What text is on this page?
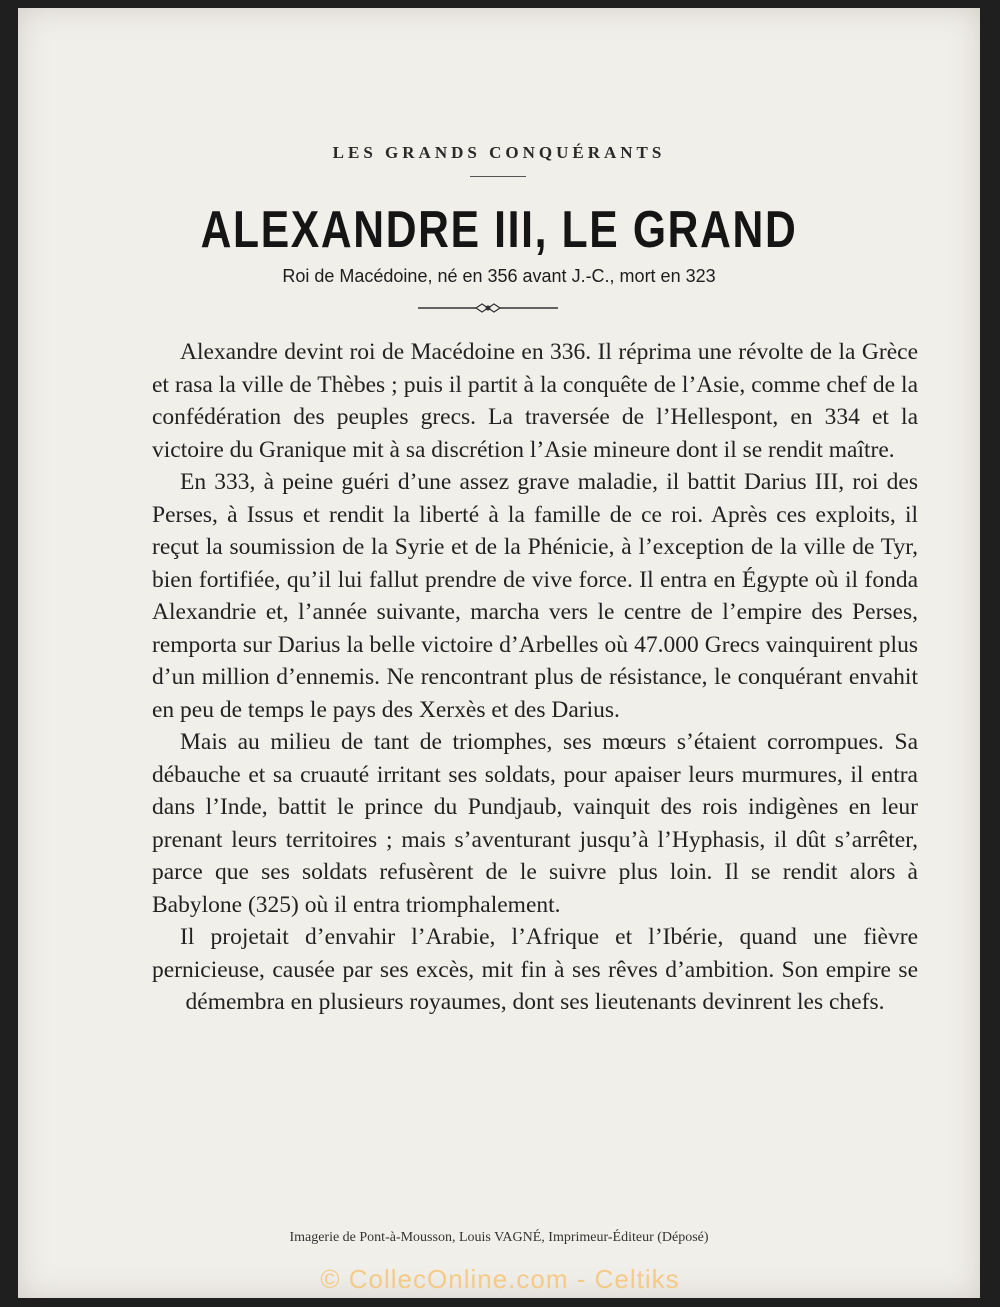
LES GRANDS CONQUÉRANTS
ALEXANDRE III, LE GRAND
Roi de Macédoine, né en 356 avant J.-C., mort en 323

Alexandre devint roi de Macédoine en 336. Il réprima une révolte de la Grèce et rasa la ville de Thèbes ; puis il partit à la conquête de l’Asie, comme chef de la confédération des peuples grecs. La traversée de l’Hellespont, en 334 et la victoire du Granique mit à sa discrétion l’Asie mineure dont il se rendit maître.

En 333, à peine guéri d’une assez grave maladie, il battit Darius III, roi des Perses, à Issus et rendit la liberté à la famille de ce roi. Après ces exploits, il reçut la soumission de la Syrie et de la Phénicie, à l’exception de la ville de Tyr, bien fortifiée, qu’il lui fallut prendre de vive force. Il entra en Égypte où il fonda Alexandrie et, l’année suivante, marcha vers le centre de l’empire des Perses, remporta sur Darius la belle victoire d’Arbelles où 47.000 Grecs vainquirent plus d’un million d’ennemis. Ne rencontrant plus de résistance, le conquérant envahit en peu de temps le pays des Xerxès et des Darius.

Mais au milieu de tant de triomphes, ses mœurs s’étaient corrompues. Sa débauche et sa cruauté irritant ses soldats, pour apaiser leurs murmures, il entra dans l’Inde, battit le prince du Pundjaub, vainquit des rois indigènes en leur prenant leurs territoires ; mais s’aventurant jusqu’à l’Hyphasis, il dût s’arrêter, parce que ses soldats refusèrent de le suivre plus loin. Il se rendit alors à Babylone (325) où il entra triomphalement.

Il projetait d’envahir l’Arabie, l’Afrique et l’Ibérie, quand une fièvre pernicieuse, causée par ses excès, mit fin à ses rêves d’ambition. Son empire se démembra en plusieurs royaumes, dont ses lieutenants devinrent les chefs.

Imagerie de Pont-à-Mousson, Louis VAGNÉ, Imprimeur-Éditeur (Déposé)
© CollecOnline.com - Celtiks
